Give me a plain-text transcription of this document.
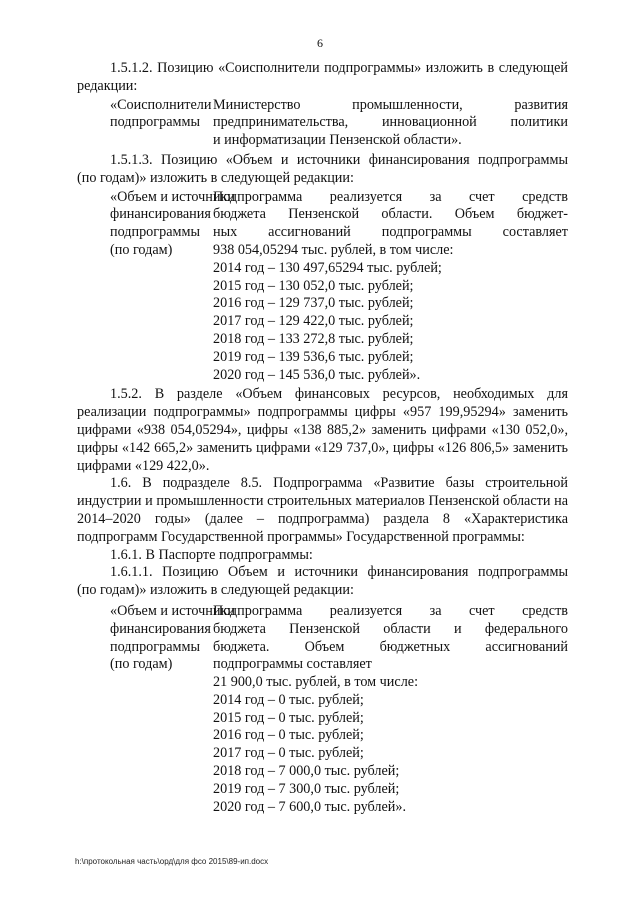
6

1.5.1.2. Позицию «Соисполнители подпрограммы» изложить в следующей

редакции:

«Соисполнители
подпрограммы

Министерство промышленности, развития

предпринимательства, инновационной политики

и информатизации Пензенской области».

1.5.1.3. Позицию «Объем и источники финансирования подпрограммы

(по годам)» изложить в следующей редакции:

«Объем и источники
финансирования
подпрограммы
(по годам)

Подпрограмма реализуется за счет средств

бюджета Пензенской области. Объем бюджет-

ных ассигнований подпрограммы составляет

938 054,05294 тыс. рублей, в том числе:
2014 год – 130 497,65294 тыс. рублей;
2015 год – 130 052,0 тыс. рублей;
2016 год – 129 737,0 тыс. рублей;
2017 год – 129 422,0 тыс. рублей;
2018 год – 133 272,8 тыс. рублей;
2019 год – 139 536,6 тыс. рублей;
2020 год – 145 536,0 тыс. рублей».

1.5.2. В разделе «Объем финансовых ресурсов, необходимых для реализации подпрограммы» подпрограммы цифры «957 199,95294» заменить цифрами «938 054,05294», цифры «138 885,2» заменить цифрами «130 052,0», цифры «142 665,2» заменить цифрами «129 737,0», цифры «126 806,5» заменить цифрами «129 422,0».

1.6. В подразделе 8.5. Подпрограмма «Развитие базы строительной индустрии и промышленности строительных материалов Пензенской области на 2014–2020 годы» (далее – подпрограмма) раздела 8 «Характеристика подпрограмм Государственной программы» Государственной программы:

1.6.1. В Паспорте подпрограммы:

1.6.1.1. Позицию Объем и источники финансирования подпрограммы

(по годам)» изложить в следующей редакции:

«Объем и источники
финансирования
подпрограммы
(по годам)

Подпрограмма реализуется за счет средств

бюджета Пензенской области и федерального

бюджета. Объем бюджетных ассигнований

подпрограммы составляет
21 900,0 тыс. рублей, в том числе:
2014 год – 0 тыс. рублей;
2015 год – 0 тыс. рублей;
2016 год – 0 тыс. рублей;
2017 год – 0 тыс. рублей;
2018 год – 7 000,0 тыс. рублей;
2019 год – 7 300,0 тыс. рублей;
2020 год – 7 600,0 тыс. рублей».
h:\протокольная часть\орд\для фсо 2015\89-ип.docx
